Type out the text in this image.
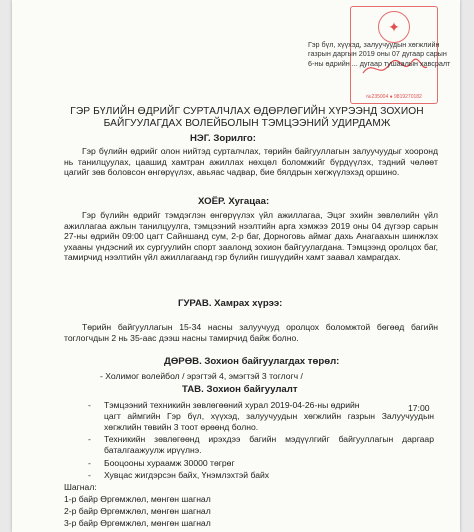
✦
№235004 ● 9819270182
Гэр бүл, хүүхэд, залуучуудын хөгжлийн газрын даргын 2019 оны 07 дугаар сарын 6-ны өдрийн ... дугаар тушаалын хавсралт
ГЭР БҮЛИЙН ӨДРИЙГ СУРТАЛЧЛАХ ӨДӨРЛӨГИЙН ХҮРЭЭНД ЗОХИОН БАЙГУУЛАГДАХ ВОЛЕЙБОЛЫН ТЭМЦЭЭНИЙ УДИРДАМЖ
НЭГ. Зорилго:
Гэр бүлийн өдрийг олон нийтэд сурталчлах, төрийн байгууллагын залуучуудыг хооронд нь танилцуулах, цаашид хамтран ажиллах нөхцөл боломжийг бүрдүүлэх, тэдний чөлөөт цагийг зөв боловсон өнгөрүүлэх, авьяас чадвар, бие бялдрын хөгжүүлэхэд оршино.
ХОЁР. Хугацаа:
Гэр бүлийн өдрийг тэмдэглэн өнгөрүүлэх үйл ажиллагаа, Эцэг эхийн зөвлөлийн үйл ажиллагаа ажлын танилцуулга, тэмцээний нээлтийн арга хэмжээ 2019 оны 04 дүгээр сарын 27-ны өдрийн 09:00 цагт Сайншанд сум, 2-р баг, Дорноговь аймаг дахь Анагаахын шинжлэх ухааны үндэсний их сургуулийн спорт заалонд зохион байгуулагдана. Тэмцээнд оролцох баг, тамирчид нээлтийн үйл ажиллагаанд гэр бүлийн гишүүдийн хамт заавал хамрагдах.
ГУРАВ. Хамрах хүрээ:
Төрийн байгууллагын 15-34 насны залуучууд оролцох боломжтой бөгөөд багийн тоглогчдын 2 нь 35-аас дээш насны тамирчид байж болно.
ДӨРӨВ. Зохион байгуулагдах төрөл:
- Холимог волейбол / эрэгтэй 4, эмэгтэй 3 тоглогч /
ТАВ. Зохион байгуулалт
- Тэмцээний техникийн зөвлөгөөний хурал 2019-04-26-ны өдрийн	17:00
цагт аймгийн Гэр бүл, хүүхэд, залуучуудын хөгжлийн газрын Залуучуудын хөгжлийн төвийн 3 тоот өрөөнд болно.
- Техникийн зөвлөгөөнд ирэхдээ багийн мэдүүлгийг байгууллагын даргаар баталгаажуулж ирүүлнэ.
- Бооцооны хураамж 30000 төгрөг
- Хувцас жигдэрсэн байх, Үнэмлэхтэй байх
Шагнал:
1-р байр Өргөмжлөл, мөнгөн шагнал
2-р байр Өргөмжлөл, мөнгөн шагнал
3-р байр Өргөмжлөл, мөнгөн шагнал
